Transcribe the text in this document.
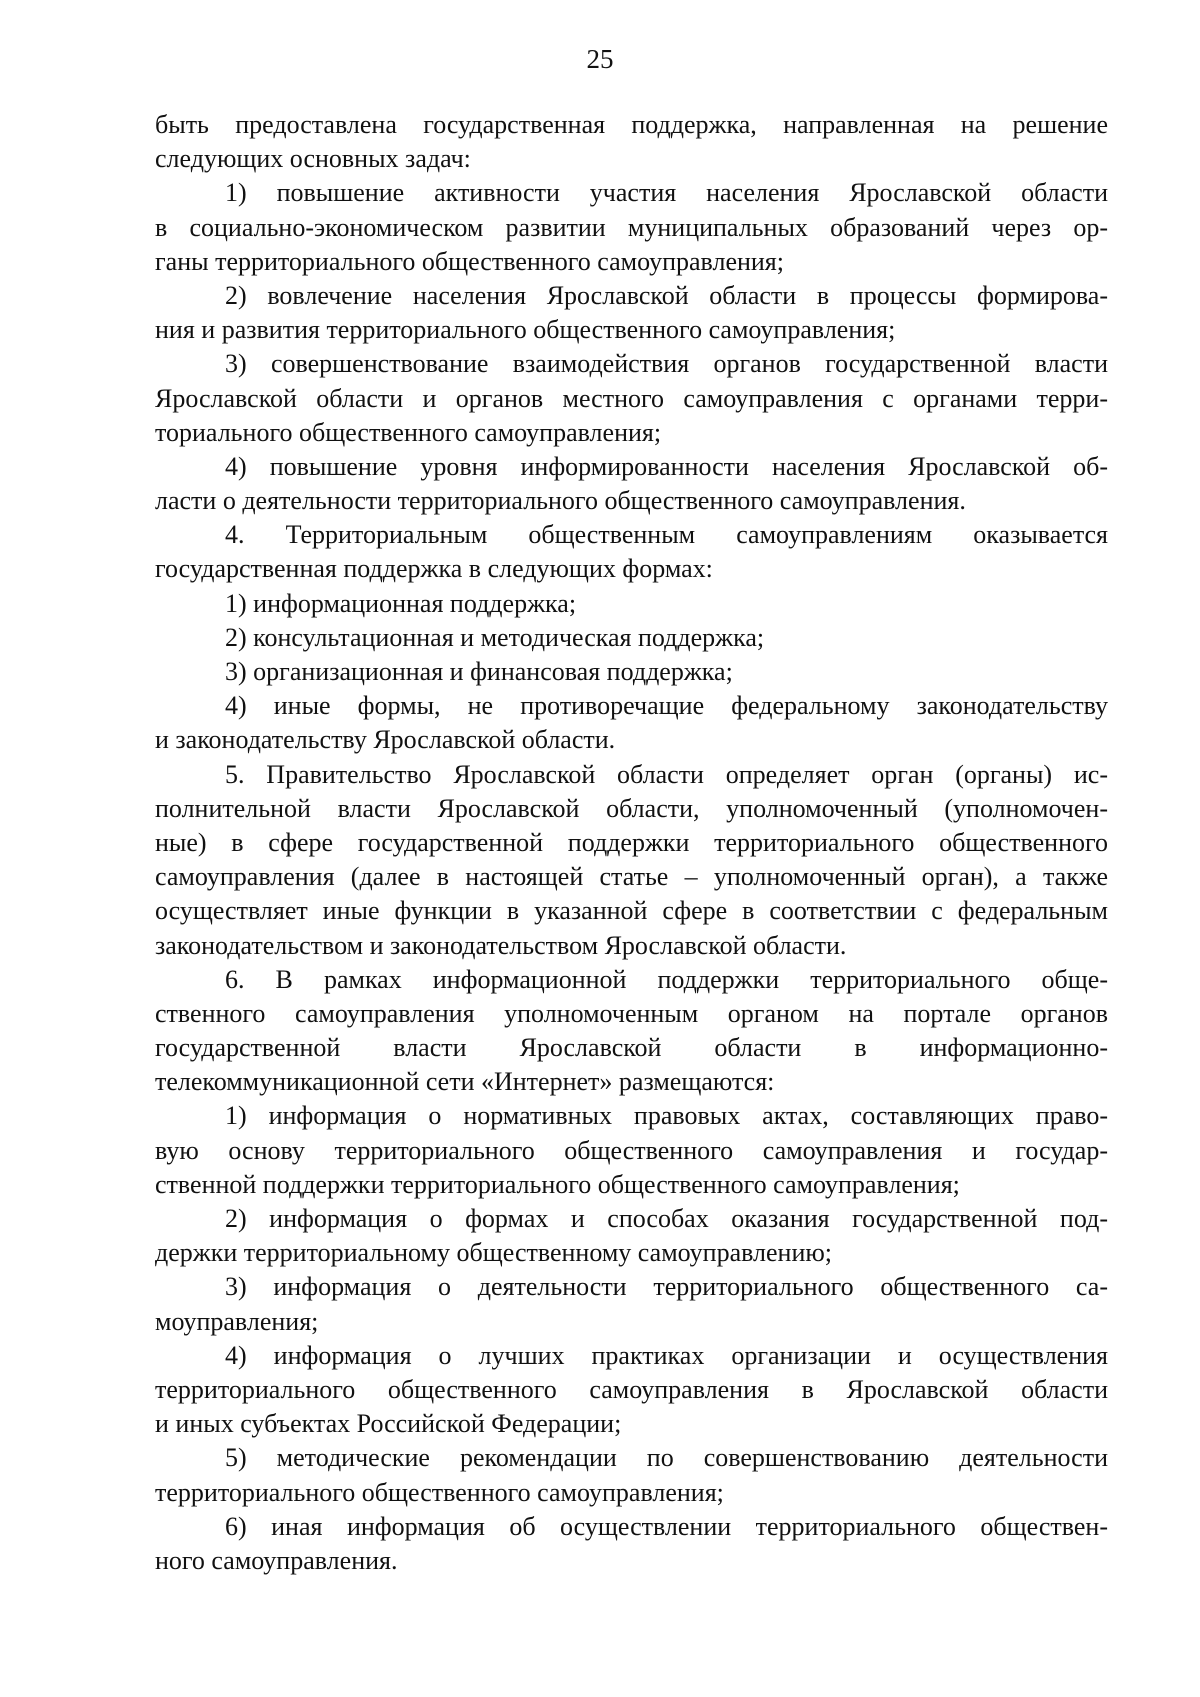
25
быть предоставлена государственная поддержка, направленная на решение
следующих основных задач:
1) повышение активности участия населения Ярославской области
в социально-экономическом развитии муниципальных образований через ор-
ганы территориального общественного самоуправления;
2) вовлечение населения Ярославской области в процессы формирова-
ния и развития территориального общественного самоуправления;
3) совершенствование взаимодействия органов государственной власти
Ярославской области и органов местного самоуправления с органами терри-
ториального общественного самоуправления;
4) повышение уровня информированности населения Ярославской об-
ласти о деятельности территориального общественного самоуправления.
4. Территориальным общественным самоуправлениям оказывается
государственная поддержка в следующих формах:
1) информационная поддержка;
2) консультационная и методическая поддержка;
3) организационная и финансовая поддержка;
4) иные формы, не противоречащие федеральному законодательству
и законодательству Ярославской области.
5. Правительство Ярославской области определяет орган (органы) ис-
полнительной власти Ярославской области, уполномоченный (уполномочен-
ные) в сфере государственной поддержки территориального общественного
самоуправления (далее в настоящей статье – уполномоченный орган), а также
осуществляет иные функции в указанной сфере в соответствии с федеральным
законодательством и законодательством Ярославской области.
6. В рамках информационной поддержки территориального обще-
ственного самоуправления уполномоченным органом на портале органов
государственной власти Ярославской области в информационно-
телекоммуникационной сети «Интернет» размещаются:
1) информация о нормативных правовых актах, составляющих право-
вую основу территориального общественного самоуправления и государ-
ственной поддержки территориального общественного самоуправления;
2) информация о формах и способах оказания государственной под-
держки территориальному общественному самоуправлению;
3) информация о деятельности территориального общественного са-
моуправления;
4) информация о лучших практиках организации и осуществления
территориального общественного самоуправления в Ярославской области
и иных субъектах Российской Федерации;
5) методические рекомендации по совершенствованию деятельности
территориального общественного самоуправления;
6) иная информация об осуществлении территориального обществен-
ного самоуправления.
